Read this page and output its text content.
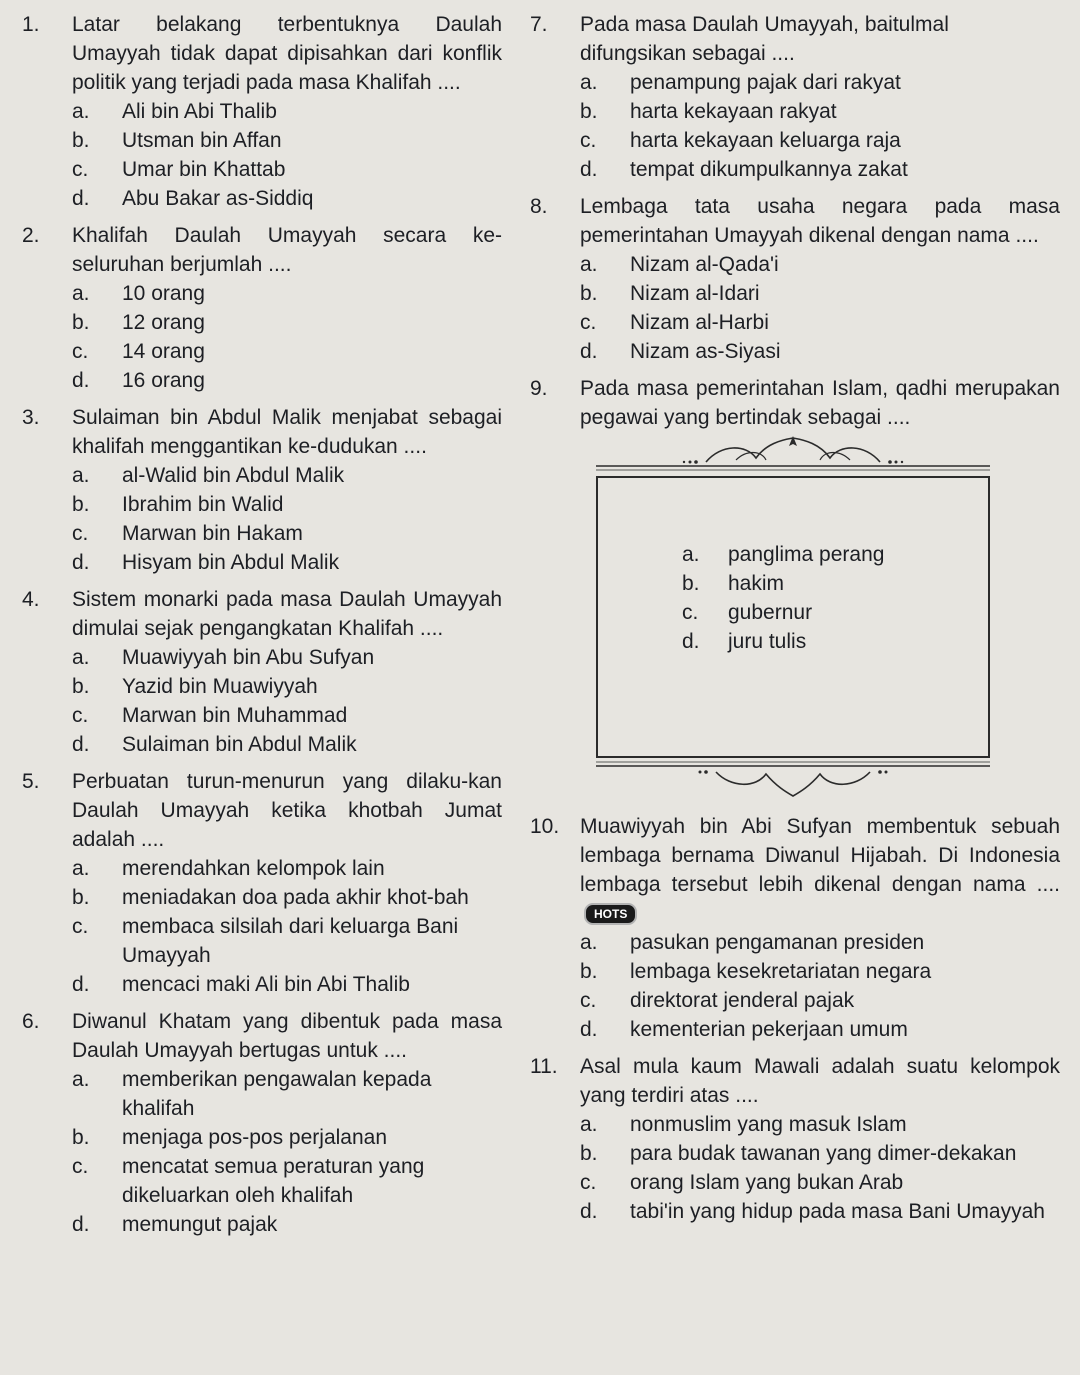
1. Latar belakang terbentuknya Daulah Umayyah tidak dapat dipisahkan dari konflik politik yang terjadi pada masa Khalifah ....
a.	Ali bin Abi Thalib
b.	Utsman bin Affan
c.	Umar bin Khattab
d.	Abu Bakar as-Siddiq
2. Khalifah Daulah Umayyah secara ke-seluruhan berjumlah ....
a.	10 orang
b.	12 orang
c.	14 orang
d.	16 orang
3. Sulaiman bin Abdul Malik menjabat sebagai khalifah menggantikan ke-dudukan ....
a.	al-Walid bin Abdul Malik
b.	Ibrahim bin Walid
c.	Marwan bin Hakam
d.	Hisyam bin Abdul Malik
4. Sistem monarki pada masa Daulah Umayyah dimulai sejak pengangkatan Khalifah ....
a.	Muawiyyah bin Abu Sufyan
b.	Yazid bin Muawiyyah
c.	Marwan bin Muhammad
d.	Sulaiman bin Abdul Malik
5. Perbuatan turun-menurun yang dilaku-kan Daulah Umayyah ketika khotbah Jumat adalah ....
a.	merendahkan kelompok lain
b.	meniadakan doa pada akhir khot-bah
c.	membaca silsilah dari keluarga Bani Umayyah
d.	mencaci maki Ali bin Abi Thalib
6. Diwanul Khatam yang dibentuk pada masa Daulah Umayyah bertugas untuk ....
a.	memberikan pengawalan kepada khalifah
b.	menjaga pos-pos perjalanan
c.	mencatat semua peraturan yang dikeluarkan oleh khalifah
d.	memungut pajak
7. Pada masa Daulah Umayyah, baitulmal difungsikan sebagai ....
a.	penampung pajak dari rakyat
b.	harta kekayaan rakyat
c.	harta kekayaan keluarga raja
d.	tempat dikumpulkannya zakat
8. Lembaga tata usaha negara pada masa pemerintahan Umayyah dikenal dengan nama ....
a.	Nizam al-Qada'i
b.	Nizam al-Idari
c.	Nizam al-Harbi
d.	Nizam as-Siyasi
9. Pada masa pemerintahan Islam, qadhi merupakan pegawai yang bertindak sebagai ....
a.	panglima perang
b.	hakim
c.	gubernur
d.	juru tulis
10. Muawiyyah bin Abi Sufyan membentuk sebuah lembaga bernama Diwanul Hijabah. Di Indonesia lembaga tersebut lebih dikenal dengan nama .... HOTS
a.	pasukan pengamanan presiden
b.	lembaga kesekretariatan negara
c.	direktorat jenderal pajak
d.	kementerian pekerjaan umum
11. Asal mula kaum Mawali adalah suatu kelompok yang terdiri atas ....
a.	nonmuslim yang masuk Islam
b.	para budak tawanan yang dimer-dekakan
c.	orang Islam yang bukan Arab
d.	tabi'in yang hidup pada masa Bani Umayyah
